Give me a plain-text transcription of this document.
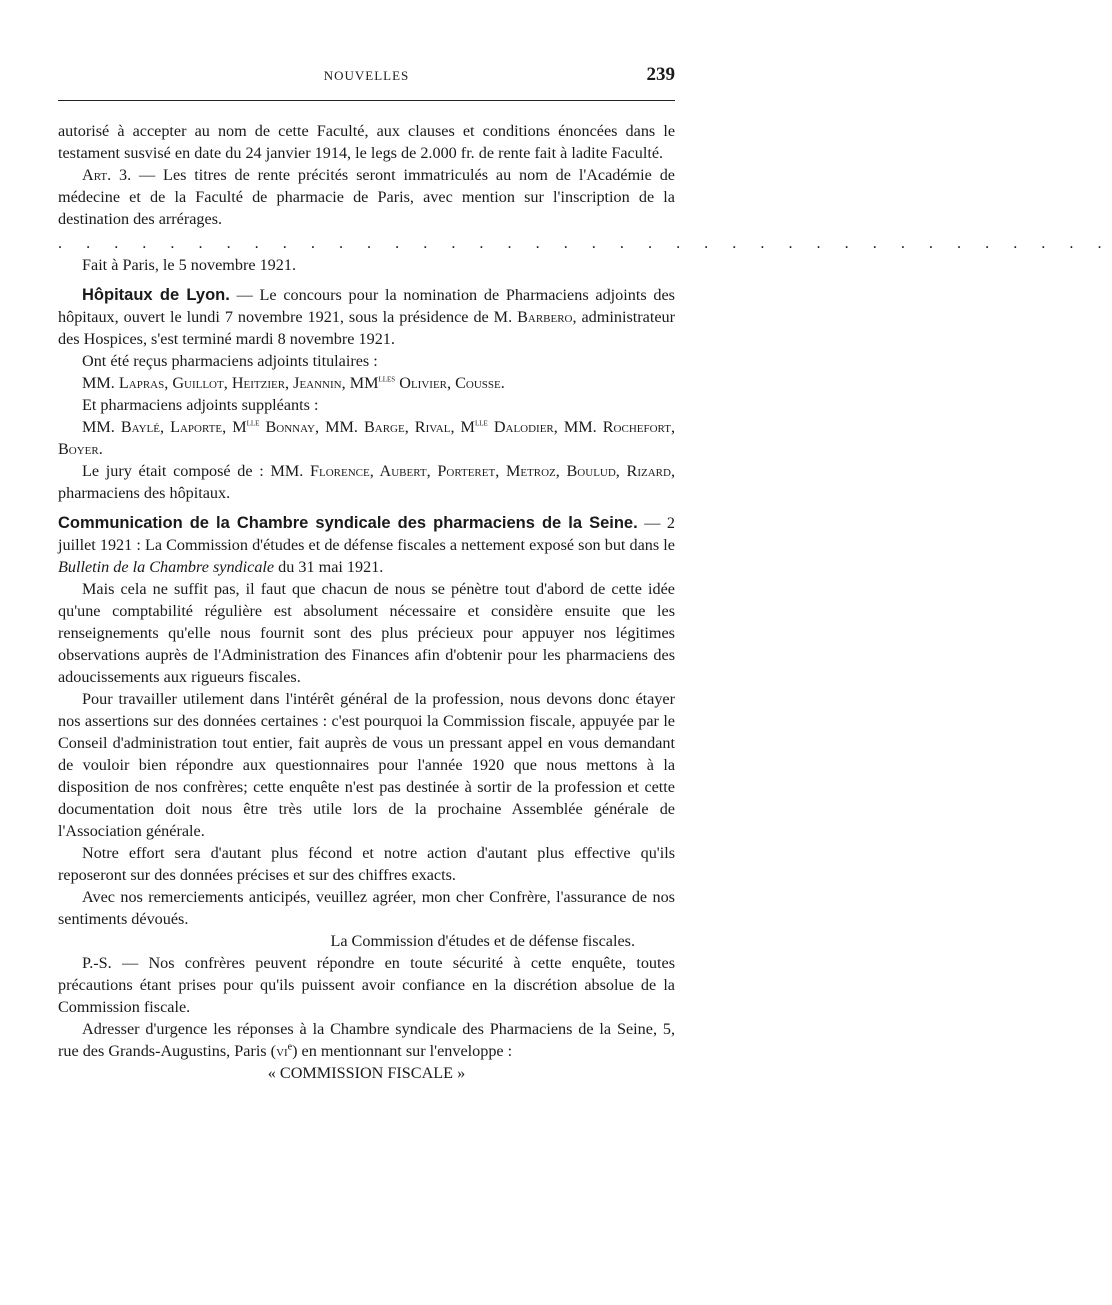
NOUVELLES	239

autorisé à accepter au nom de cette Faculté, aux clauses et conditions énoncées dans le testament susvisé en date du 24 janvier 1914, le legs de 2.000 fr. de rente fait à ladite Faculté.

Art. 3. — Les titres de rente précités seront immatriculés au nom de l'Académie de médecine et de la Faculté de pharmacie de Paris, avec mention sur l'inscription de la destination des arrérages.

. . . . . . . . . . . . . . . . . . . . . . . . . . . . . . . . . . . . . .

Fait à Paris, le 5 novembre 1921.

Hôpitaux de Lyon. — Le concours pour la nomination de Pharmaciens adjoints des hôpitaux, ouvert le lundi 7 novembre 1921, sous la présidence de M. Barbero, administrateur des Hospices, s'est terminé mardi 8 novembre 1921.

Ont été reçus pharmaciens adjoints titulaires :

MM. Lapras, Guillot, Heitzier, Jeannin, $MM^{lles}$ Olivier, Cousse.

Et pharmaciens adjoints suppléants :

MM. Baylé, Laporte, $M^{lle}$ Bonnay, MM. Barge, Rival, $M^{lle}$ Dalodier, MM. Rochefort, Boyer.

Le jury était composé de : MM. Florence, Aubert, Porteret, Metroz, Boulud, Rizard, pharmaciens des hôpitaux.

Communication de la Chambre syndicale des pharmaciens de la Seine. — 2 juillet 1921 : La Commission d'études et de défense fiscales a nettement exposé son but dans le Bulletin de la Chambre syndicale du 31 mai 1921.

Mais cela ne suffit pas, il faut que chacun de nous se pénètre tout d'abord de cette idée qu'une comptabilité régulière est absolument nécessaire et considère ensuite que les renseignements qu'elle nous fournit sont des plus précieux pour appuyer nos légitimes observations auprès de l'Administration des Finances afin d'obtenir pour les pharmaciens des adoucissements aux rigueurs fiscales.

Pour travailler utilement dans l'intérêt général de la profession, nous devons donc étayer nos assertions sur des données certaines : c'est pourquoi la Commission fiscale, appuyée par le Conseil d'administration tout entier, fait auprès de vous un pressant appel en vous demandant de vouloir bien répondre aux questionnaires pour l'année 1920 que nous mettons à la disposition de nos confrères; cette enquête n'est pas destinée à sortir de la profession et cette documentation doit nous être très utile lors de la prochaine Assemblée générale de l'Association générale.

Notre effort sera d'autant plus fécond et notre action d'autant plus effective qu'ils reposeront sur des données précises et sur des chiffres exacts.

Avec nos remerciements anticipés, veuillez agréer, mon cher Confrère, l'assurance de nos sentiments dévoués.

La Commission d'études et de défense fiscales.

P.-S. — Nos confrères peuvent répondre en toute sécurité à cette enquête, toutes précautions étant prises pour qu'ils puissent avoir confiance en la discrétion absolue de la Commission fiscale.

Adresser d'urgence les réponses à la Chambre syndicale des Pharmaciens de la Seine, 5, rue des Grands-Augustins, Paris $(vi^e)$ en mentionnant sur l'enveloppe :

« COMMISSION FISCALE »
